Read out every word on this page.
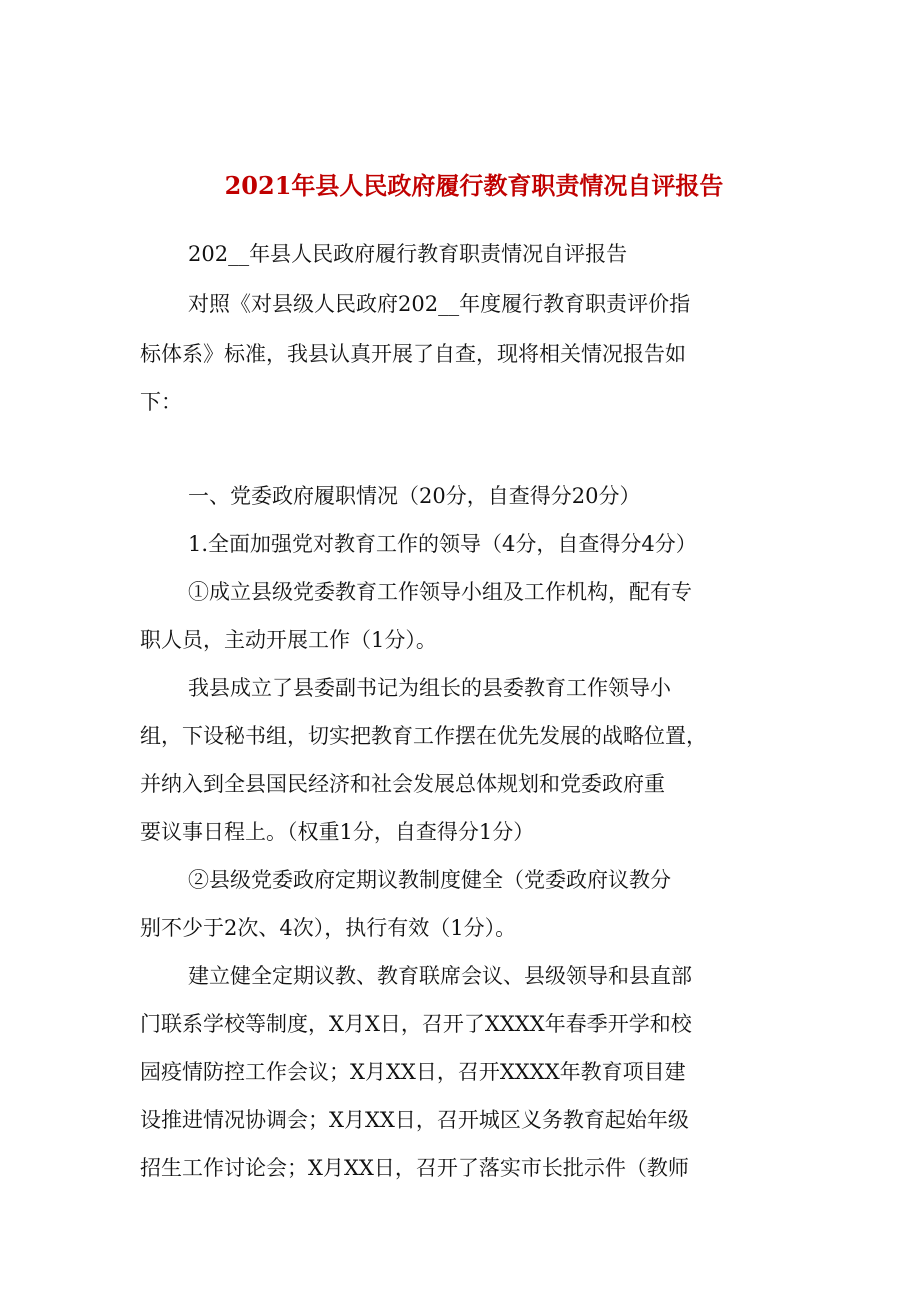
2021年县人民政府履行教育职责情况自评报告
202__年县人民政府履行教育职责情况自评报告
对照《对县级人民政府202__年度履行教育职责评价指
标体系》标准，我县认真开展了自查，现将相关情况报告如
下：
一、党委政府履职情况（20分，自查得分20分）
1.全面加强党对教育工作的领导（4分，自查得分4分）
①成立县级党委教育工作领导小组及工作机构，配有专
职人员，主动开展工作（1分）。
我县成立了县委副书记为组长的县委教育工作领导小
组，下设秘书组，切实把教育工作摆在优先发展的战略位置，
并纳入到全县国民经济和社会发展总体规划和党委政府重
要议事日程上。（权重1分，自查得分1分）
②县级党委政府定期议教制度健全（党委政府议教分
别不少于2次、4次），执行有效（1分）。
建立健全定期议教、教育联席会议、县级领导和县直部
门联系学校等制度，X月X日，召开了XXXX年春季开学和校
园疫情防控工作会议；X月XX日，召开XXXX年教育项目建
设推进情况协调会；X月XX日，召开城区义务教育起始年级
招生工作讨论会；X月XX日，召开了落实市长批示件（教师
